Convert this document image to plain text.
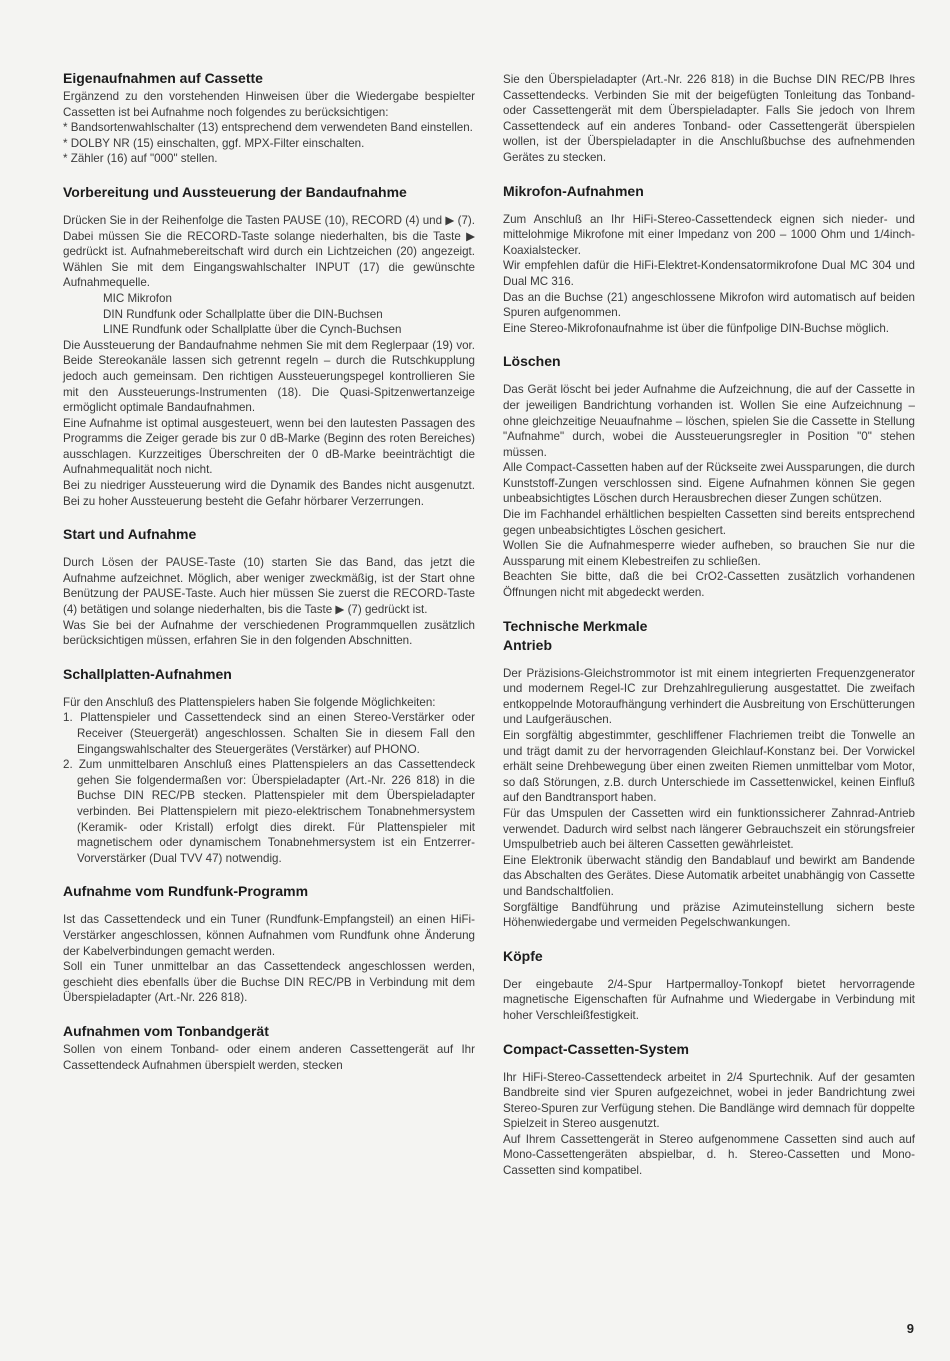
Eigenaufnahmen auf Cassette

Ergänzend zu den vorstehenden Hinweisen über die Wiedergabe bespielter Cassetten ist bei Aufnahme noch folgendes zu berücksichtigen:

* Bandsortenwahlschalter (13) entsprechend dem verwendeten Band einstellen.

* DOLBY NR (15) einschalten, ggf. MPX-Filter einschalten.

* Zähler (16) auf "000" stellen.

Vorbereitung und Aussteuerung der Bandaufnahme

Drücken Sie in der Reihenfolge die Tasten PAUSE (10), RECORD (4) und ▶ (7). Dabei müssen Sie die RECORD-Taste solange niederhalten, bis die Taste ▶ gedrückt ist. Aufnahmebereitschaft wird durch ein Lichtzeichen (20) angezeigt. Wählen Sie mit dem Eingangswahlschalter INPUT (17) die gewünschte Aufnahmequelle.

MIC Mikrofon

DIN Rundfunk oder Schallplatte über die DIN-Buchsen

LINE Rundfunk oder Schallplatte über die Cynch-Buchsen

Die Aussteuerung der Bandaufnahme nehmen Sie mit dem Reglerpaar (19) vor. Beide Stereokanäle lassen sich getrennt regeln – durch die Rutschkupplung jedoch auch gemeinsam. Den richtigen Aussteuerungspegel kontrollieren Sie mit den Aussteuerungs-Instrumenten (18). Die Quasi-Spitzenwertanzeige ermöglicht optimale Bandaufnahmen.

Eine Aufnahme ist optimal ausgesteuert, wenn bei den lautesten Passagen des Programms die Zeiger gerade bis zur 0 dB-Marke (Beginn des roten Bereiches) ausschlagen. Kurzzeitiges Überschreiten der 0 dB-Marke beeinträchtigt die Aufnahmequalität noch nicht.

Bei zu niedriger Aussteuerung wird die Dynamik des Bandes nicht ausgenutzt. Bei zu hoher Aussteuerung besteht die Gefahr hörbarer Verzerrungen.

Start und Aufnahme

Durch Lösen der PAUSE-Taste (10) starten Sie das Band, das jetzt die Aufnahme aufzeichnet. Möglich, aber weniger zweckmäßig, ist der Start ohne Benützung der PAUSE-Taste. Auch hier müssen Sie zuerst die RECORD-Taste (4) betätigen und solange niederhalten, bis die Taste ▶ (7) gedrückt ist.

Was Sie bei der Aufnahme der verschiedenen Programmquellen zusätzlich berücksichtigen müssen, erfahren Sie in den folgenden Abschnitten.

Schallplatten-Aufnahmen

Für den Anschluß des Plattenspielers haben Sie folgende Möglichkeiten:

1. Plattenspieler und Cassettendeck sind an einen Stereo-Verstärker oder Receiver (Steuergerät) angeschlossen. Schalten Sie in diesem Fall den Eingangswahlschalter des Steuergerätes (Verstärker) auf PHONO.

2. Zum unmittelbaren Anschluß eines Plattenspielers an das Cassettendeck gehen Sie folgendermaßen vor: Überspieladapter (Art.-Nr. 226 818) in die Buchse DIN REC/PB stecken. Plattenspieler mit dem Überspieladapter verbinden. Bei Plattenspielern mit piezo-elektrischem Tonabnehmersystem (Keramik- oder Kristall) erfolgt dies direkt. Für Plattenspieler mit magnetischem oder dynamischem Tonabnehmersystem ist ein Entzerrer-Vorverstärker (Dual TVV 47) notwendig.

Aufnahme vom Rundfunk-Programm

Ist das Cassettendeck und ein Tuner (Rundfunk-Empfangsteil) an einen HiFi-Verstärker angeschlossen, können Aufnahmen vom Rundfunk ohne Änderung der Kabelverbindungen gemacht werden.

Soll ein Tuner unmittelbar an das Cassettendeck angeschlossen werden, geschieht dies ebenfalls über die Buchse DIN REC/PB in Verbindung mit dem Überspieladapter (Art.-Nr. 226 818).

Aufnahmen vom Tonbandgerät

Sollen von einem Tonband- oder einem anderen Cassettengerät auf Ihr Cassettendeck Aufnahmen überspielt werden, stecken

Sie den Überspieladapter (Art.-Nr. 226 818) in die Buchse DIN REC/PB Ihres Cassettendecks. Verbinden Sie mit der beigefügten Tonleitung das Tonband- oder Cassettengerät mit dem Überspieladapter. Falls Sie jedoch von Ihrem Cassettendeck auf ein anderes Tonband- oder Cassettengerät überspielen wollen, ist der Überspieladapter in die Anschlußbuchse des aufnehmenden Gerätes zu stecken.

Mikrofon-Aufnahmen

Zum Anschluß an Ihr HiFi-Stereo-Cassettendeck eignen sich nieder- und mittelohmige Mikrofone mit einer Impedanz von 200 – 1000 Ohm und 1/4inch-Koaxialstecker.

Wir empfehlen dafür die HiFi-Elektret-Kondensatormikrofone Dual MC 304 und Dual MC 316.

Das an die Buchse (21) angeschlossene Mikrofon wird automatisch auf beiden Spuren aufgenommen.

Eine Stereo-Mikrofonaufnahme ist über die fünfpolige DIN-Buchse möglich.

Löschen

Das Gerät löscht bei jeder Aufnahme die Aufzeichnung, die auf der Cassette in der jeweiligen Bandrichtung vorhanden ist. Wollen Sie eine Aufzeichnung – ohne gleichzeitige Neuaufnahme – löschen, spielen Sie die Cassette in Stellung "Aufnahme" durch, wobei die Aussteuerungsregler in Position "0" stehen müssen.

Alle Compact-Cassetten haben auf der Rückseite zwei Aussparungen, die durch Kunststoff-Zungen verschlossen sind. Eigene Aufnahmen können Sie gegen unbeabsichtigtes Löschen durch Herausbrechen dieser Zungen schützen.

Die im Fachhandel erhältlichen bespielten Cassetten sind bereits entsprechend gegen unbeabsichtigtes Löschen gesichert.

Wollen Sie die Aufnahmesperre wieder aufheben, so brauchen Sie nur die Aussparung mit einem Klebestreifen zu schließen.

Beachten Sie bitte, daß die bei CrO2-Cassetten zusätzlich vorhandenen Öffnungen nicht mit abgedeckt werden.

Technische Merkmale
Antrieb

Der Präzisions-Gleichstrommotor ist mit einem integrierten Frequenzgenerator und modernem Regel-IC zur Drehzahlregulierung ausgestattet. Die zweifach entkoppelnde Motoraufhängung verhindert die Ausbreitung von Erschütterungen und Laufgeräuschen.

Ein sorgfältig abgestimmter, geschliffener Flachriemen treibt die Tonwelle an und trägt damit zu der hervorragenden Gleichlauf-Konstanz bei. Der Vorwickel erhält seine Drehbewegung über einen zweiten Riemen unmittelbar vom Motor, so daß Störungen, z.B. durch Unterschiede im Cassettenwickel, keinen Einfluß auf den Bandtransport haben.

Für das Umspulen der Cassetten wird ein funktionssicherer Zahnrad-Antrieb verwendet. Dadurch wird selbst nach längerer Gebrauchszeit ein störungsfreier Umspulbetrieb auch bei älteren Cassetten gewährleistet.

Eine Elektronik überwacht ständig den Bandablauf und bewirkt am Bandende das Abschalten des Gerätes. Diese Automatik arbeitet unabhängig von Cassette und Bandschaltfolien.

Sorgfältige Bandführung und präzise Azimuteinstellung sichern beste Höhenwiedergabe und vermeiden Pegelschwankungen.

Köpfe

Der eingebaute 2/4-Spur Hartpermalloy-Tonkopf bietet hervorragende magnetische Eigenschaften für Aufnahme und Wiedergabe in Verbindung mit hoher Verschleißfestigkeit.

Compact-Cassetten-System

Ihr HiFi-Stereo-Cassettendeck arbeitet in 2/4 Spurtechnik. Auf der gesamten Bandbreite sind vier Spuren aufgezeichnet, wobei in jeder Bandrichtung zwei Stereo-Spuren zur Verfügung stehen. Die Bandlänge wird demnach für doppelte Spielzeit in Stereo ausgenutzt.

Auf Ihrem Cassettengerät in Stereo aufgenommene Cassetten sind auch auf Mono-Cassettengeräten abspielbar, d. h. Stereo-Cassetten und Mono-Cassetten sind kompatibel.

9
